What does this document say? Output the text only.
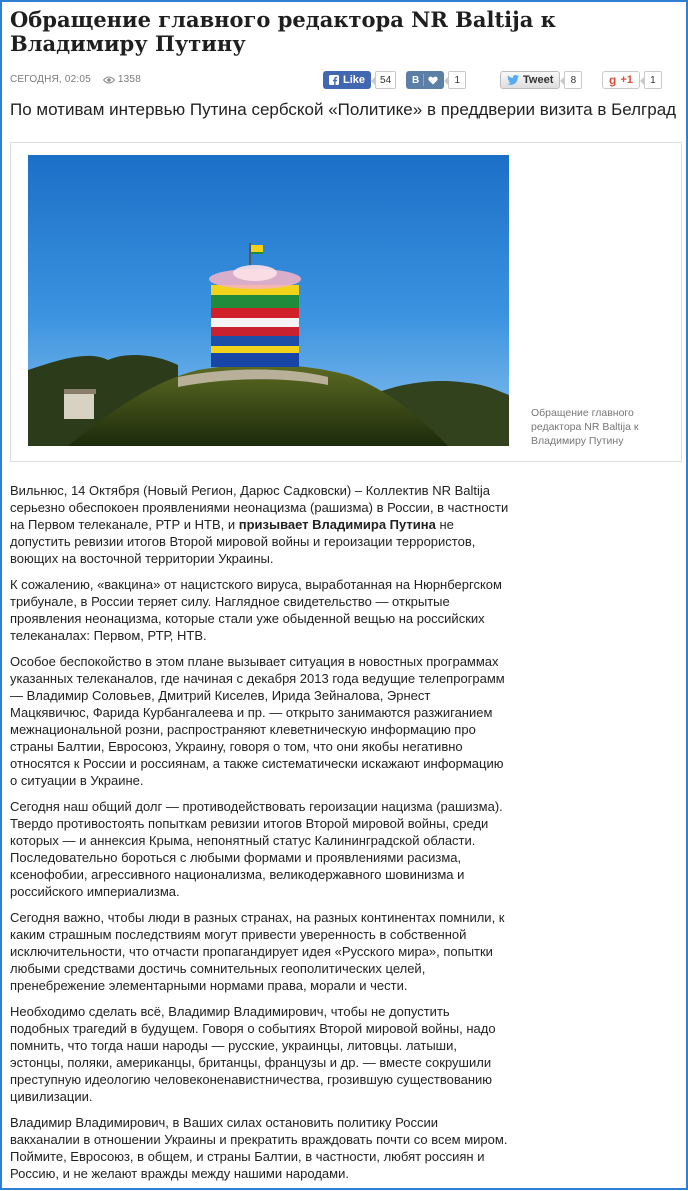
Обращение главного редактора NR Baltija к Владимиру Путину
СЕГОДНЯ, 02:05	1358	Like	54	В	1	Tweet	8	g +1	1
По мотивам интервью Путина сербской «Политике» в преддверии визита в Белград
Обращение главного редактора NR Baltija к Владимиру Путину

Вильнюс, 14 Октября (Новый Регион, Дарюс Садковски) – Коллектив NR Baltija серьезно обеспокоен проявлениями неонацизма (рашизма) в России, в частности на Первом телеканале, РТР и НТВ, и призывает Владимира Путина не допустить ревизии итогов Второй мировой войны и героизации террористов, воющих на восточной территории Украины.

К сожалению, «вакцина» от нацистского вируса, выработанная на Нюрнбергском трибунале, в России теряет силу. Наглядное свидетельство — открытые проявления неонацизма, которые стали уже обыденной вещью на российских телеканалах: Первом, РТР, НТВ.

Особое беспокойство в этом плане вызывает ситуация в новостных программах указанных телеканалов, где начиная с декабря 2013 года ведущие телепрограмм — Владимир Соловьев, Дмитрий Киселев, Ирида Зейналова, Эрнест Мацкявичюс, Фарида Курбангалеева и пр. — открыто занимаются разжиганием межнациональной розни, распространяют клеветническую информацию про страны Балтии, Евросоюз, Украину, говоря о том, что они якобы негативно относятся к России и россиянам, а также систематически искажают информацию о ситуации в Украине.

Сегодня наш общий долг — противодействовать героизации нацизма (рашизма). Твердо противостоять попыткам ревизии итогов Второй мировой войны, среди которых — и аннексия Крыма, непонятный статус Калининградской области. Последовательно бороться с любыми формами и проявлениями расизма, ксенофобии, агрессивного национализма, великодержавного шовинизма и российского империализма.

Сегодня важно, чтобы люди в разных странах, на разных континентах помнили, к каким страшным последствиям могут привести уверенность в собственной исключительности, что отчасти пропагандирует идея «Русского мира», попытки любыми средствами достичь сомнительных геополитических целей, пренебрежение элементарными нормами права, морали и чести.

Необходимо сделать всё, Владимир Владимирович, чтобы не допустить подобных трагедий в будущем. Говоря о событиях Второй мировой войны, надо помнить, что тогда наши народы — русские, украинцы, литовцы. латыши, эстонцы, поляки, американцы, британцы, французы и др. — вместе сокрушили преступную идеологию человеконенавистничества, грозившую существованию цивилизации.

Владимир Владимирович, в Ваших силах остановить политику России вакханалии в отношении Украины и прекратить враждовать почти со всем миром. Поймите, Евросоюз, в общем, и страны Балтии, в частности, любят россиян и Россию, и не желают вражды между нашими народами.
